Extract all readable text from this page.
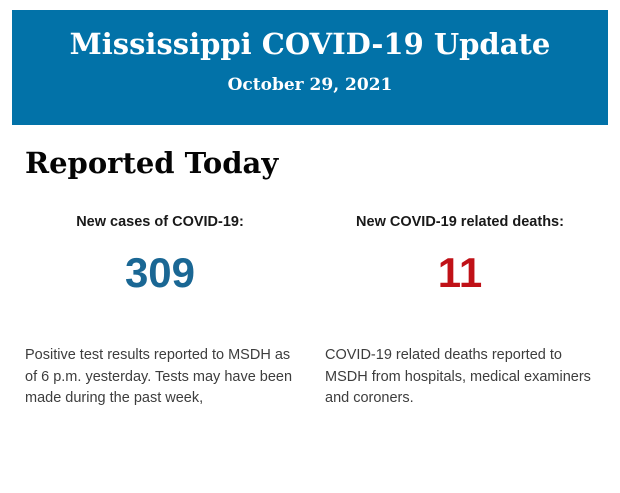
Mississippi COVID-19 Update
October 29, 2021
Reported Today
New cases of COVID-19:
309

Positive test results reported to MSDH as of 6 p.m. yesterday. Tests may have been made during the past week,

New COVID-19 related deaths:
11

COVID-19 related deaths reported to MSDH from hospitals, medical examiners and coroners.
